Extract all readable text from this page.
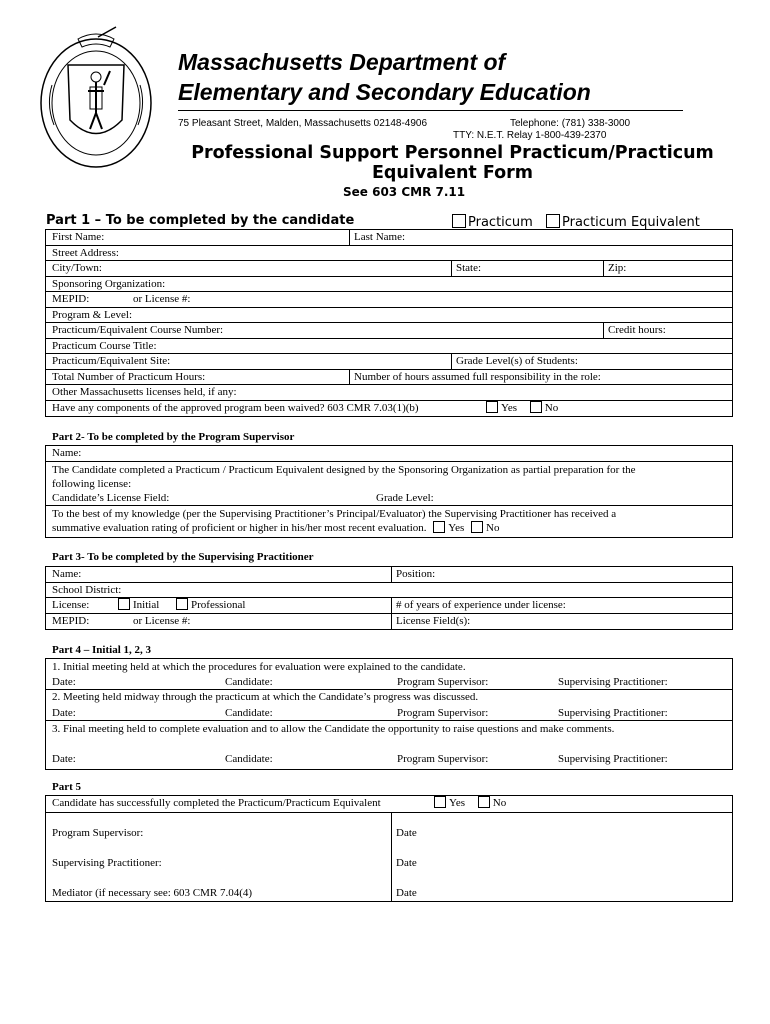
Massachusetts Department of
Elementary and Secondary Education
75 Pleasant Street, Malden, Massachusetts 02148-4906	Telephone: (781) 338-3000
TTY: N.E.T. Relay 1-800-439-2370
Professional Support Personnel Practicum/Practicum
Equivalent Form
See 603 CMR 7.11
Part 1 – To be completed by the candidate	Practicum	Practicum Equivalent
First Name:	Last Name:
Street Address:
City/Town:	State:	Zip:
Sponsoring Organization:
MEPID:	or License #:
Program & Level:
Practicum/Equivalent Course Number:	Credit hours:
Practicum Course Title:
Practicum/Equivalent Site:	Grade Level(s) of Students:
Total Number of Practicum Hours:	Number of hours assumed full responsibility in the role:
Other Massachusetts licenses held, if any:
Have any components of the approved program been waived? 603 CMR 7.03(1)(b)	Yes	No
Part 2- To be completed by the Program Supervisor
Name:
The Candidate completed a Practicum / Practicum Equivalent designed by the Sponsoring Organization as partial preparation for the
following license:
Candidate’s License Field:	Grade Level:
To the best of my knowledge (per the Supervising Practitioner’s Principal/Evaluator) the Supervising Practitioner has received a
summative evaluation rating of proficient or higher in his/her most recent evaluation. Yes No
Part 3- To be completed by the Supervising Practitioner
Name:	Position:
School District:
License:	Initial	Professional	# of years of experience under license:
MEPID:	or License #:	License Field(s):
Part 4 – Initial 1, 2, 3
1. Initial meeting held at which the procedures for evaluation were explained to the candidate.
Date:	Candidate:	Program Supervisor:	Supervising Practitioner:
2. Meeting held midway through the practicum at which the Candidate’s progress was discussed.
Date:	Candidate:	Program Supervisor:	Supervising Practitioner:
3. Final meeting held to complete evaluation and to allow the Candidate the opportunity to raise questions and make comments.
Date:	Candidate:	Program Supervisor:	Supervising Practitioner:
Part 5
Candidate has successfully completed the Practicum/Practicum Equivalent	Yes	No
Program Supervisor:	Date
Supervising Practitioner:	Date
Mediator (if necessary see: 603 CMR 7.04(4)	Date
